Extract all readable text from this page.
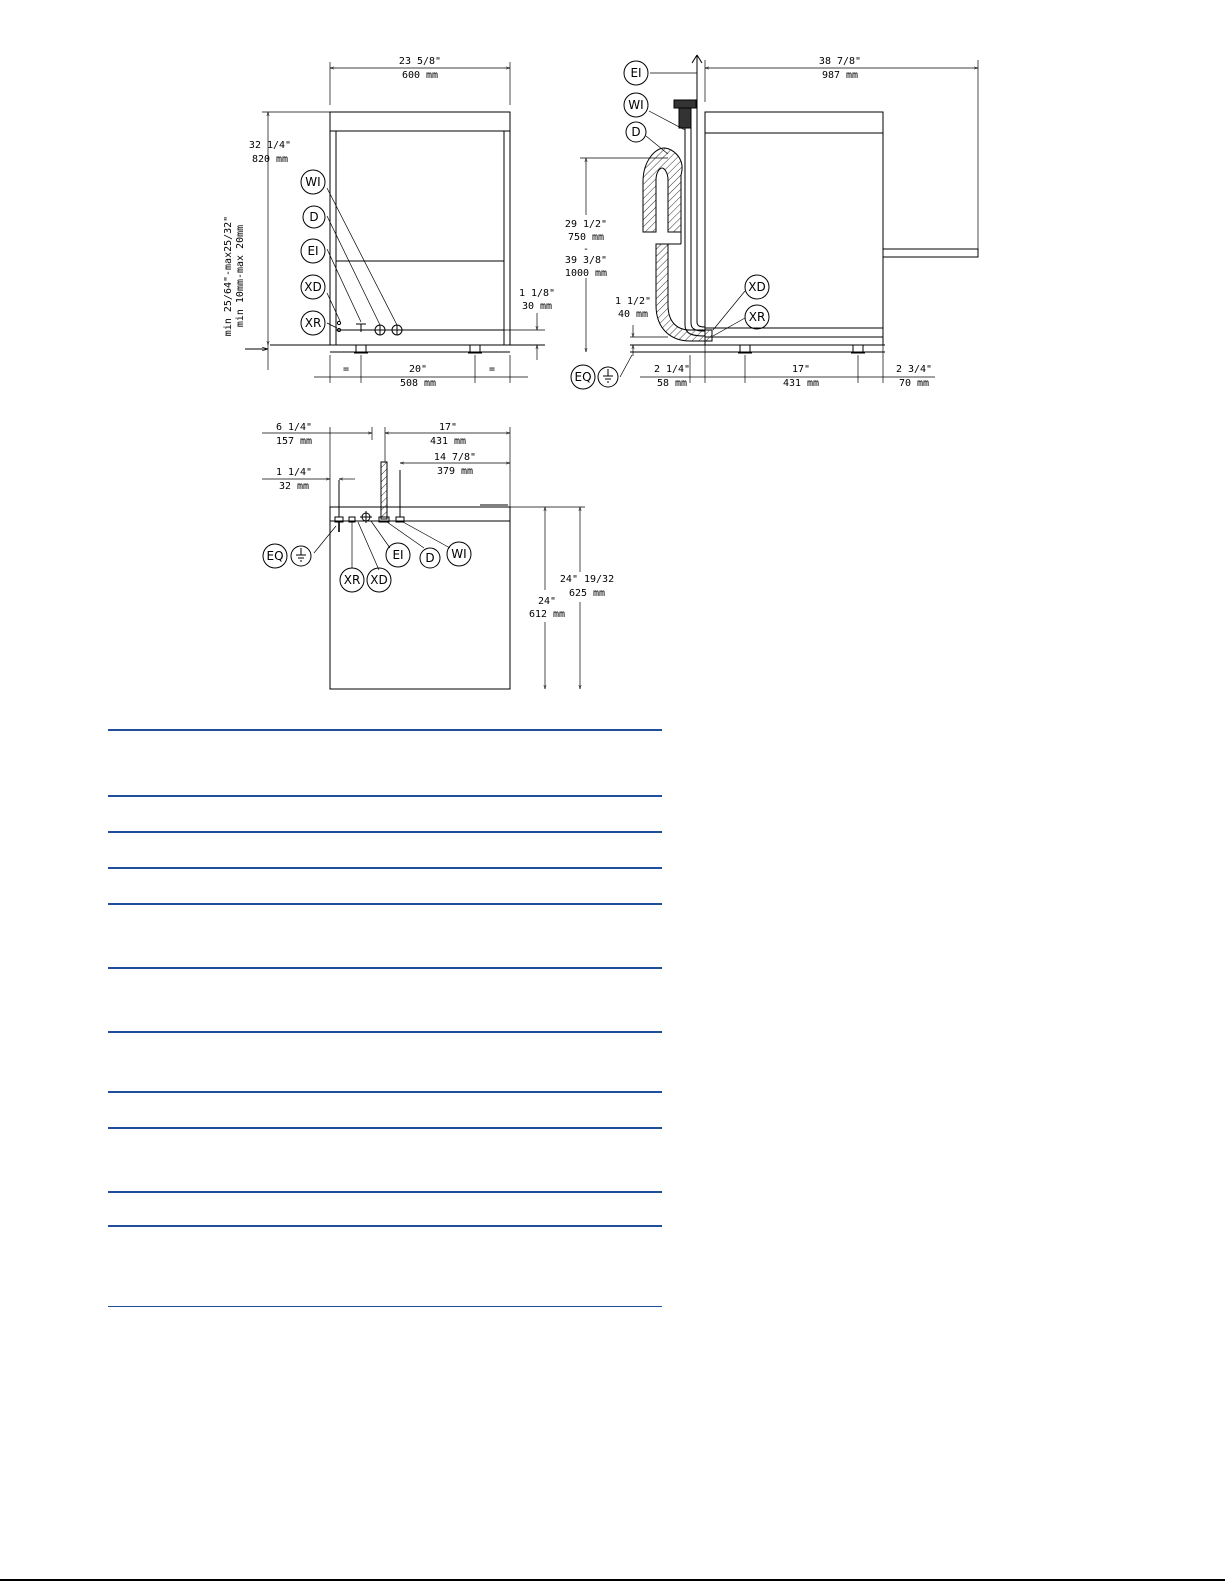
WI
D
EI
XD
XR
23 5/8"
600 mm
32 1/4"
820 mm
min 25/64"-max25/32" min 10mm-max 20mm	1 1/8"
30 mm
=	=
20"
508 mm
EI
WI
D
XD
XR
EQ
38 7/8"
987 mm
29 1/2"
750 mm
-
39 3/8"
1000 mm
1 1/2"
40 mm
2 1/4"
58 mm
17"
431 mm
2 3/4"
70 mm
EQ	EI D WI
XR XD
6 1/4"
157 mm
17"
431 mm
14 7/8"
379 mm
1 1/4"
32 mm
24"
612 mm
24" 19/32
625 mm
